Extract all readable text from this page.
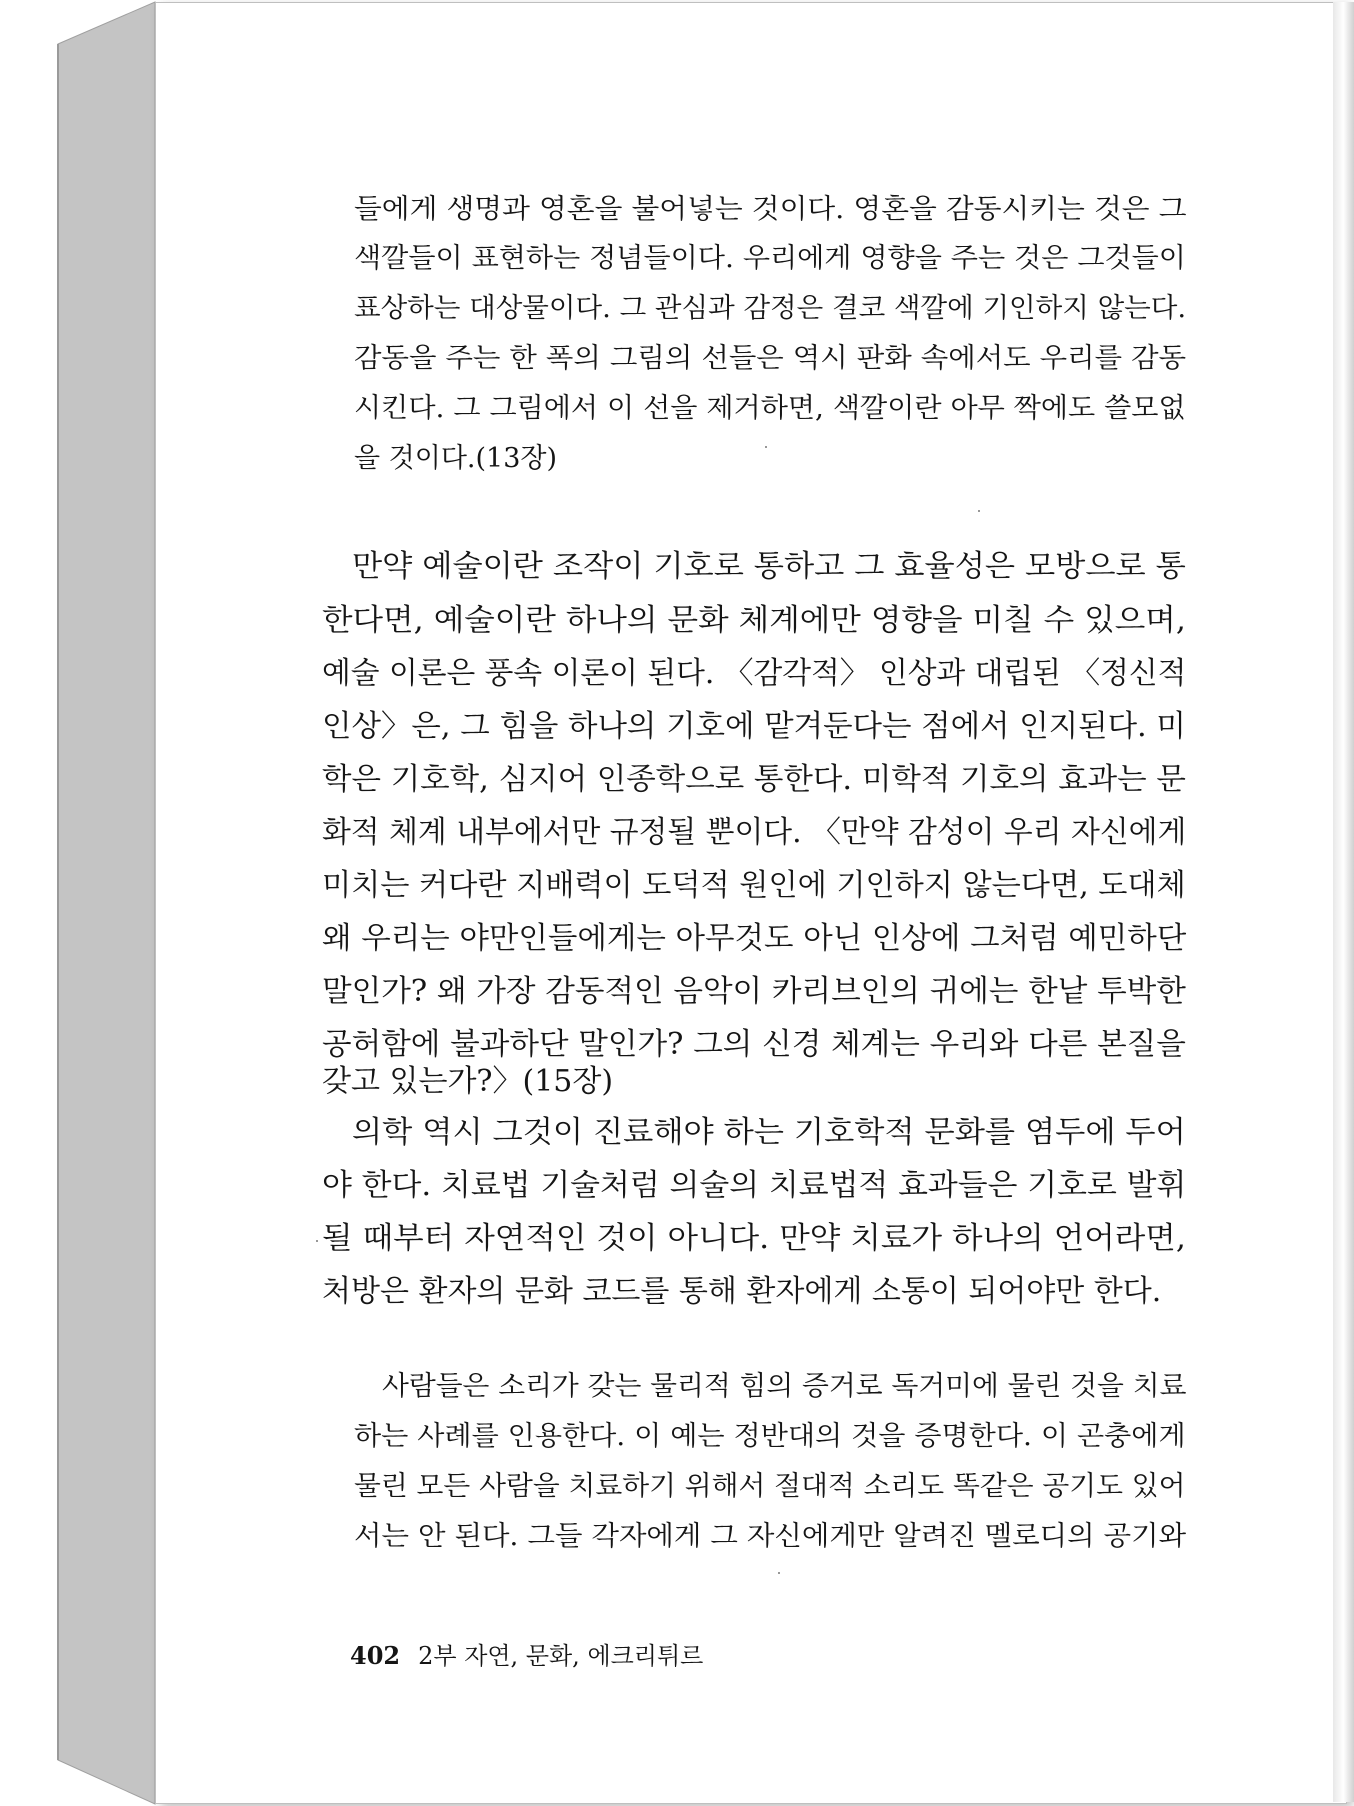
들에게 생명과 영혼을 불어넣는 것이다. 영혼을 감동시키는 것은 그
색깔들이 표현하는 정념들이다. 우리에게 영향을 주는 것은 그것들이
표상하는 대상물이다. 그 관심과 감정은 결코 색깔에 기인하지 않는다.
감동을 주는 한 폭의 그림의 선들은 역시 판화 속에서도 우리를 감동
시킨다. 그 그림에서 이 선을 제거하면, 색깔이란 아무 짝에도 쓸모없
을 것이다.(13장)
만약 예술이란 조작이 기호로 통하고 그 효율성은 모방으로 통
한다면, 예술이란 하나의 문화 체계에만 영향을 미칠 수 있으며,
예술 이론은 풍속 이론이 된다. 〈감각적〉 인상과 대립된 〈정신적
인상〉은, 그 힘을 하나의 기호에 맡겨둔다는 점에서 인지된다. 미
학은 기호학, 심지어 인종학으로 통한다. 미학적 기호의 효과는 문
화적 체계 내부에서만 규정될 뿐이다. 〈만약 감성이 우리 자신에게
미치는 커다란 지배력이 도덕적 원인에 기인하지 않는다면, 도대체
왜 우리는 야만인들에게는 아무것도 아닌 인상에 그처럼 예민하단
말인가? 왜 가장 감동적인 음악이 카리브인의 귀에는 한낱 투박한
공허함에 불과하단 말인가? 그의 신경 체계는 우리와 다른 본질을
갖고 있는가?〉(15장)
의학 역시 그것이 진료해야 하는 기호학적 문화를 염두에 두어
야 한다. 치료법 기술처럼 의술의 치료법적 효과들은 기호로 발휘
될 때부터 자연적인 것이 아니다. 만약 치료가 하나의 언어라면,
처방은 환자의 문화 코드를 통해 환자에게 소통이 되어야만 한다.
사람들은 소리가 갖는 물리적 힘의 증거로 독거미에 물린 것을 치료
하는 사례를 인용한다. 이 예는 정반대의 것을 증명한다. 이 곤충에게
물린 모든 사람을 치료하기 위해서 절대적 소리도 똑같은 공기도 있어
서는 안 된다. 그들 각자에게 그 자신에게만 알려진 멜로디의 공기와
402 2부 자연, 문화, 에크리튀르
